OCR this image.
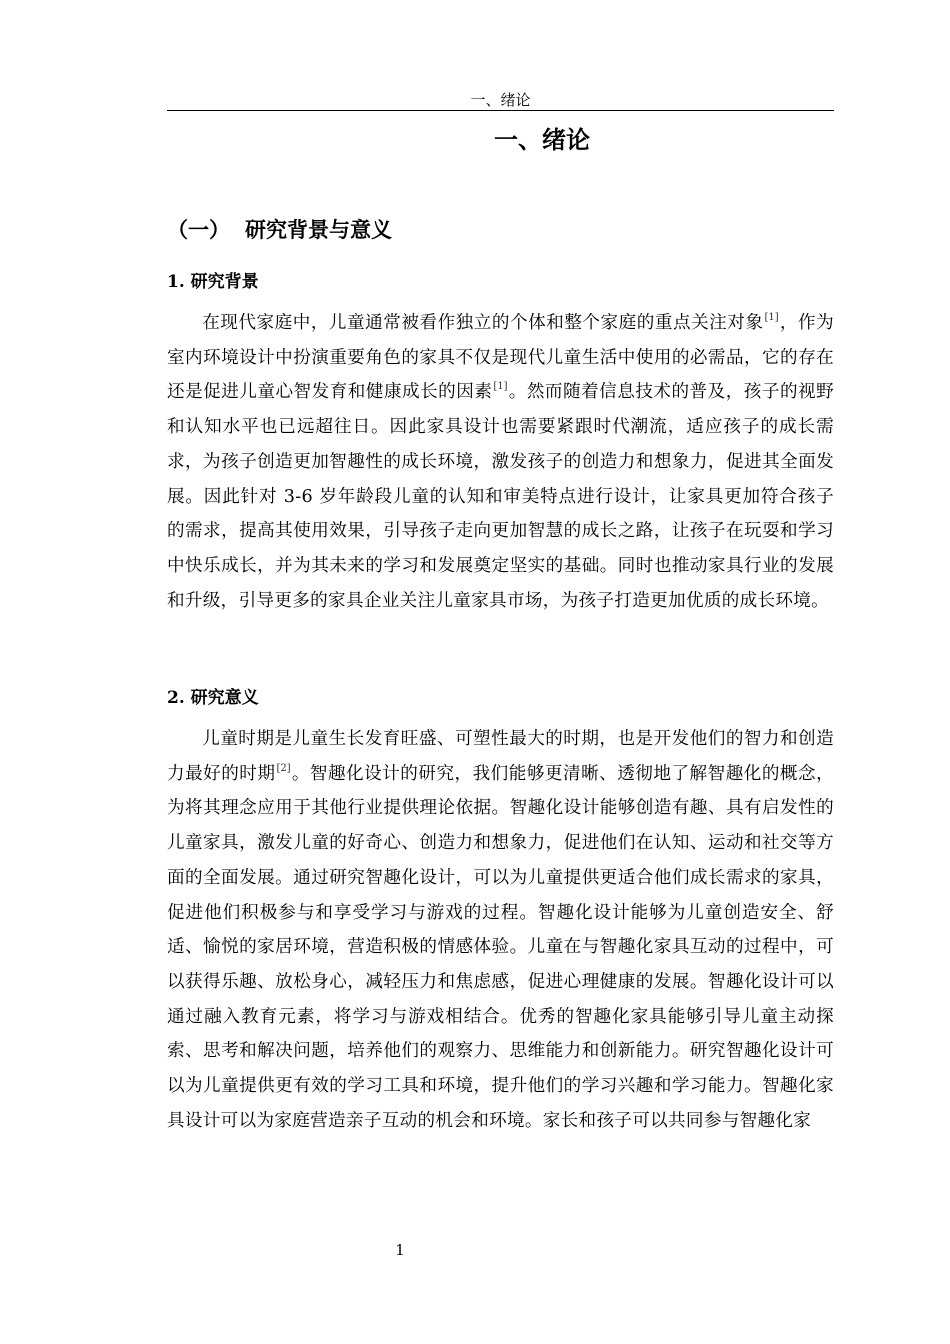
一、绪论
一、绪论
（一） 研究背景与意义
1. 研究背景

在现代家庭中，儿童通常被看作独立的个体和整个家庭的重点关注对象[1]，作为室内环境设计中扮演重要角色的家具不仅是现代儿童生活中使用的必需品，它的存在还是促进儿童心智发育和健康成长的因素[1]。然而随着信息技术的普及，孩子的视野和认知水平也已远超往日。因此家具设计也需要紧跟时代潮流，适应孩子的成长需求，为孩子创造更加智趣性的成长环境，激发孩子的创造力和想象力，促进其全面发展。因此针对 3-6 岁年龄段儿童的认知和审美特点进行设计，让家具更加符合孩子的需求，提高其使用效果，引导孩子走向更加智慧的成长之路，让孩子在玩耍和学习中快乐成长，并为其未来的学习和发展奠定坚实的基础。同时也推动家具行业的发展和升级，引导更多的家具企业关注儿童家具市场，为孩子打造更加优质的成长环境。

2. 研究意义

儿童时期是儿童生长发育旺盛、可塑性最大的时期，也是开发他们的智力和创造力最好的时期[2]。智趣化设计的研究，我们能够更清晰、透彻地了解智趣化的概念，为将其理念应用于其他行业提供理论依据。智趣化设计能够创造有趣、具有启发性的儿童家具，激发儿童的好奇心、创造力和想象力，促进他们在认知、运动和社交等方面的全面发展。通过研究智趣化设计，可以为儿童提供更适合他们成长需求的家具，促进他们积极参与和享受学习与游戏的过程。智趣化设计能够为儿童创造安全、舒适、愉悦的家居环境，营造积极的情感体验。儿童在与智趣化家具互动的过程中，可以获得乐趣、放松身心，减轻压力和焦虑感，促进心理健康的发展。智趣化设计可以通过融入教育元素，将学习与游戏相结合。优秀的智趣化家具能够引导儿童主动探索、思考和解决问题，培养他们的观察力、思维能力和创新能力。研究智趣化设计可以为儿童提供更有效的学习工具和环境，提升他们的学习兴趣和学习能力。智趣化家具设计可以为家庭营造亲子互动的机会和环境。家长和孩子可以共同参与智趣化家

1
